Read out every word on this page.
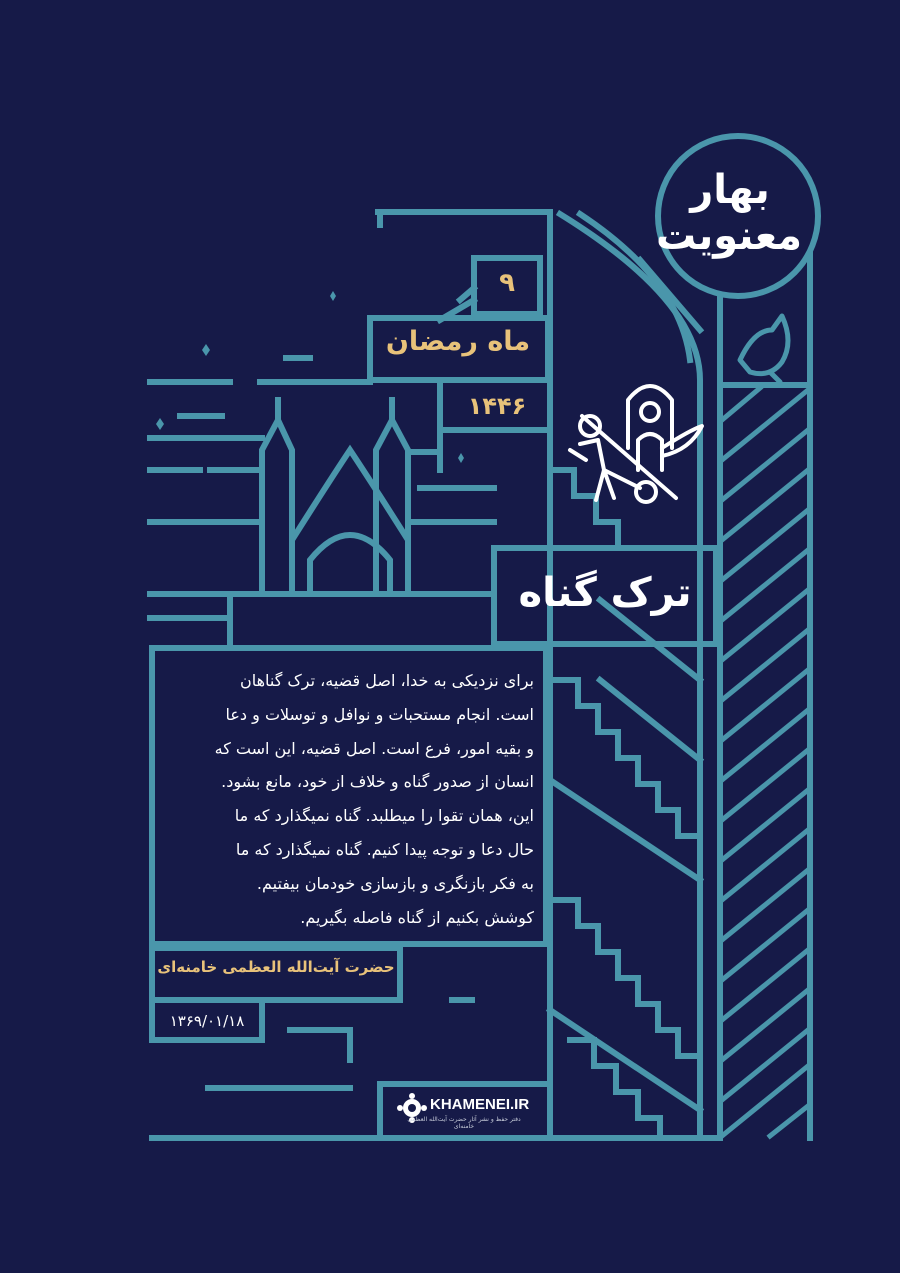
بهار
معنویت
۹
ماه رمضان
۱۴۴۶
ترک گناه
برای نزدیکی به خدا، اصل قضیه، ترک گناهان
است. انجام مستحبات و نوافل و توسلات و دعا
و بقیه امور، فرع است. اصل قضیه، این است که
انسان از صدور گناه و خلاف از خود، مانع بشود.
این، همان تقوا را میطلبد. گناه نمیگذارد که ما
حال دعا و توجه پیدا کنیم. گناه نمیگذارد که ما
به فکر بازنگری و بازسازی خودمان بیفتیم.
کوشش بکنیم از گناه فاصله بگیریم.
حضرت آیت‌الله العظمی خامنه‌ای
۱۳۶۹/۰۱/۱۸
KHAMENEI.IR
دفتر حفظ و نشر آثار حضرت آیت‌الله العظمی خامنه‌ای
